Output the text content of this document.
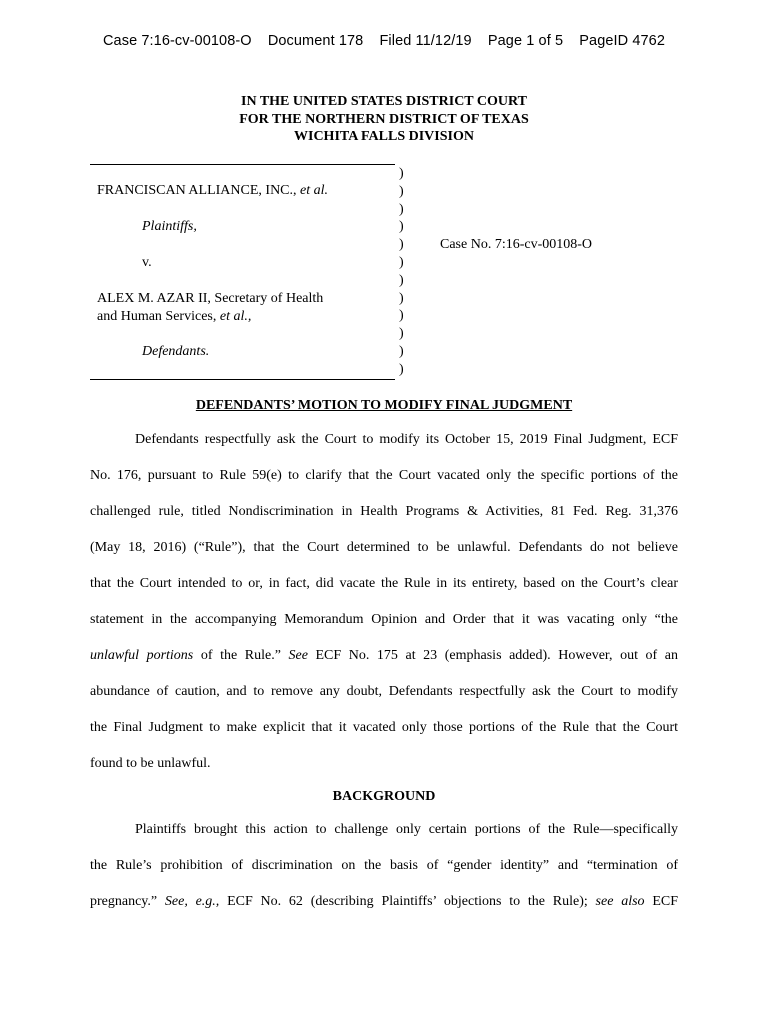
Case 7:16-cv-00108-O Document 178 Filed 11/12/19 Page 1 of 5 PageID 4762
IN THE UNITED STATES DISTRICT COURT
FOR THE NORTHERN DISTRICT OF TEXAS
WICHITA FALLS DIVISION
FRANCISCAN ALLIANCE, INC., et al.
Plaintiffs,
v.
ALEX M. AZAR II, Secretary of Health
and Human Services, et al.,
Defendants.
Case No. 7:16-cv-00108-O
)
)
)
)
)
)
)
)
)
)
)
)
DEFENDANTS’ MOTION TO MODIFY FINAL JUDGMENT
Defendants respectfully ask the Court to modify its October 15, 2019 Final Judgment, ECF
No. 176, pursuant to Rule 59(e) to clarify that the Court vacated only the specific portions of the
challenged rule, titled Nondiscrimination in Health Programs & Activities, 81 Fed. Reg. 31,376
(May 18, 2016) (“Rule”), that the Court determined to be unlawful. Defendants do not believe
that the Court intended to or, in fact, did vacate the Rule in its entirety, based on the Court’s clear
statement in the accompanying Memorandum Opinion and Order that it was vacating only “the
unlawful portions of the Rule.” See ECF No. 175 at 23 (emphasis added). However, out of an
abundance of caution, and to remove any doubt, Defendants respectfully ask the Court to modify
the Final Judgment to make explicit that it vacated only those portions of the Rule that the Court
found to be unlawful.
BACKGROUND
Plaintiffs brought this action to challenge only certain portions of the Rule—specifically
the Rule’s prohibition of discrimination on the basis of “gender identity” and “termination of
pregnancy.” See, e.g., ECF No. 62 (describing Plaintiffs’ objections to the Rule); see also ECF
